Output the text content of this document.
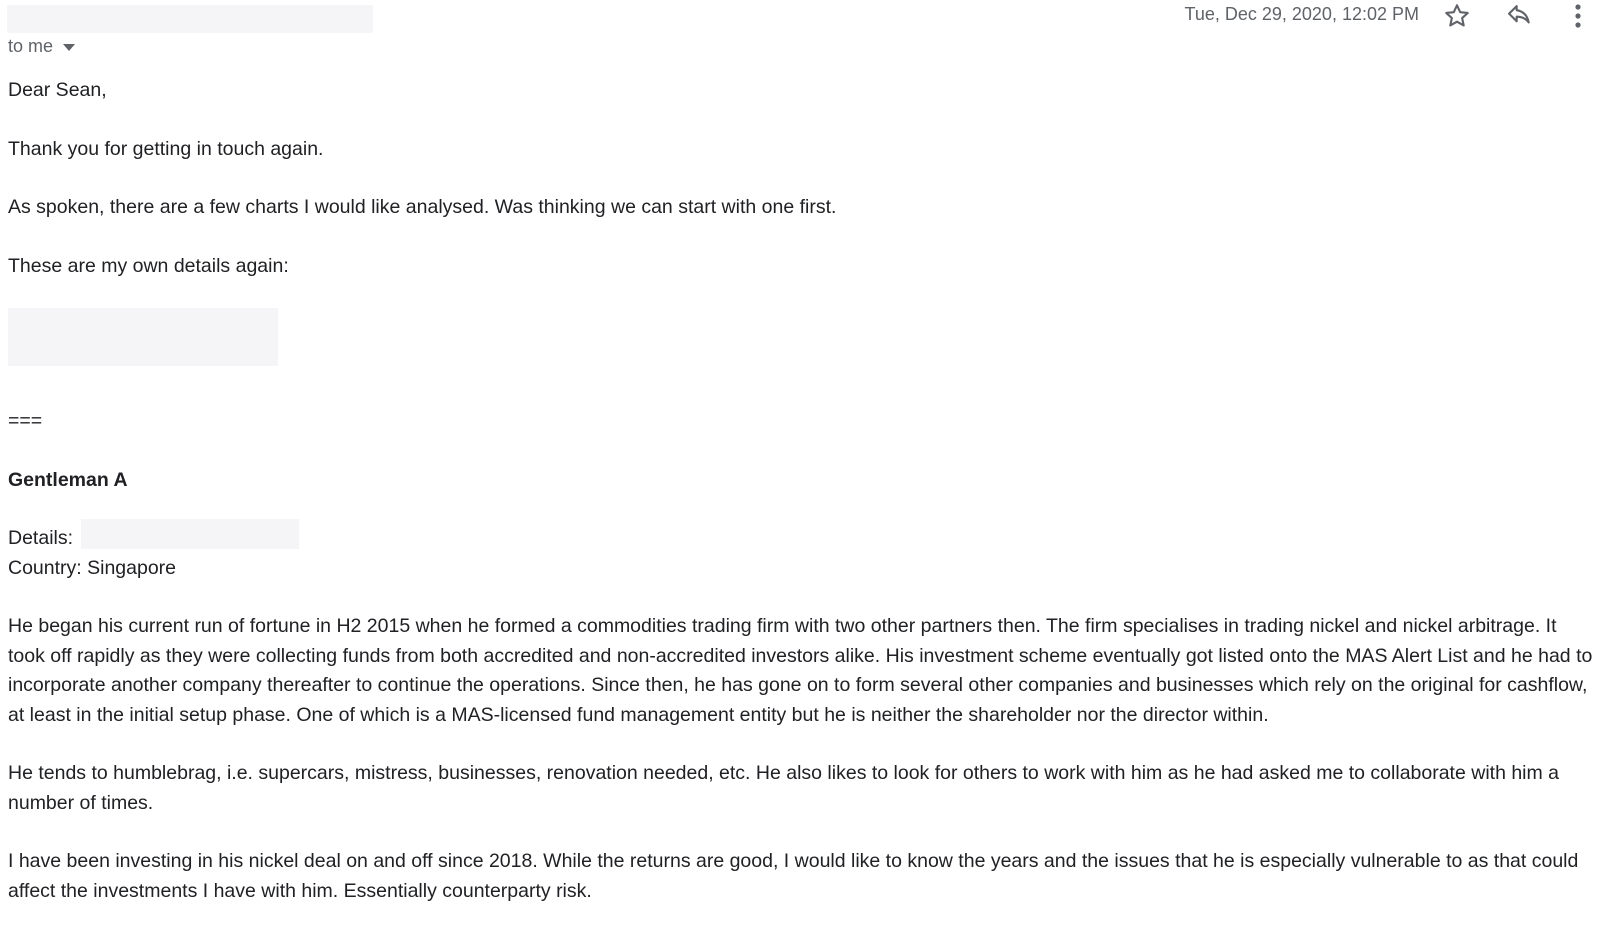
to me
Tue, Dec 29, 2020, 12:02 PM

Dear Sean,

Thank you for getting in touch again.

As spoken, there are a few charts I would like analysed. Was thinking we can start with one first.

These are my own details again:

===

Gentleman A

Details:

Country: Singapore

He began his current run of fortune in H2 2015 when he formed a commodities trading firm with two other partners then. The firm specialises in trading nickel and nickel arbitrage. It took off rapidly as they were collecting funds from both accredited and non-accredited investors alike. His investment scheme eventually got listed onto the MAS Alert List and he had to incorporate another company thereafter to continue the operations. Since then, he has gone on to form several other companies and businesses which rely on the original for cashflow, at least in the initial setup phase. One of which is a MAS-licensed fund management entity but he is neither the shareholder nor the director within.

He tends to humblebrag, i.e. supercars, mistress, businesses, renovation needed, etc. He also likes to look for others to work with him as he had asked me to collaborate with him a number of times.

I have been investing in his nickel deal on and off since 2018. While the returns are good, I would like to know the years and the issues that he is especially vulnerable to as that could affect the investments I have with him. Essentially counterparty risk.
